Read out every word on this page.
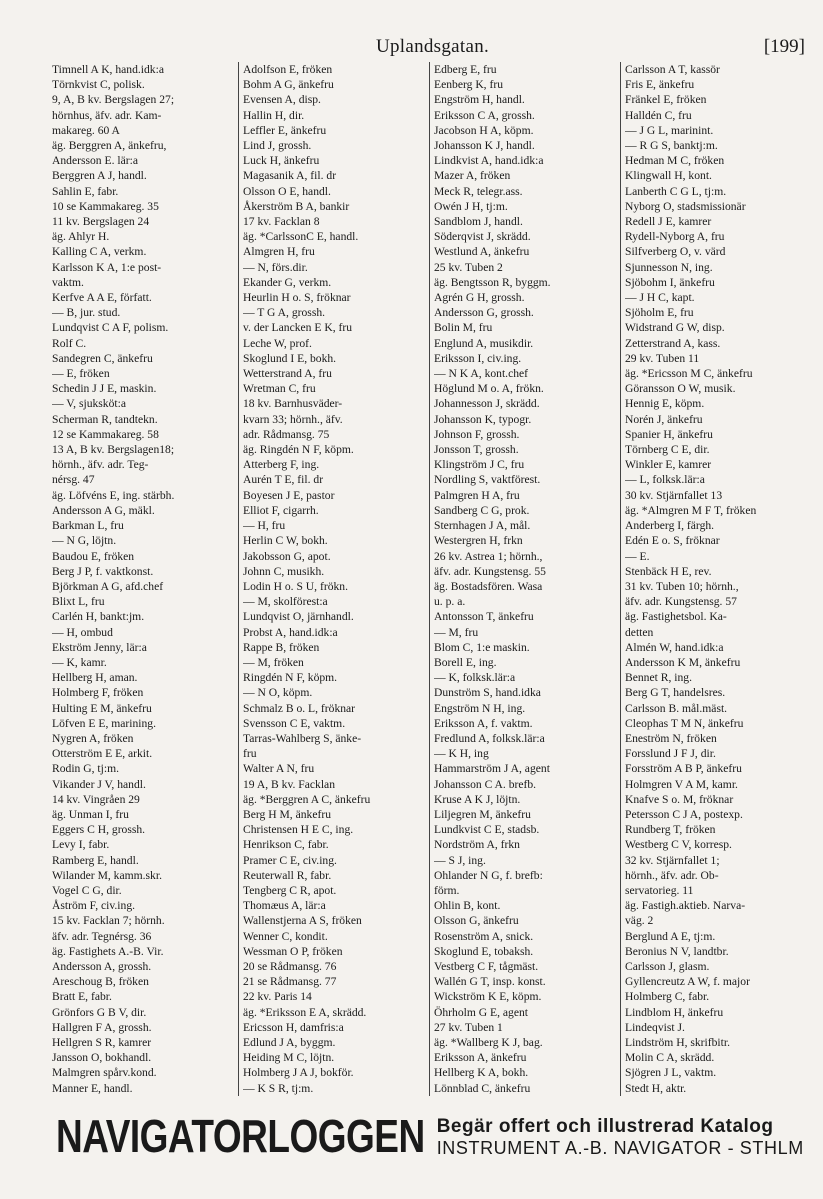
Uplandsgatan.	[199]
Timnell A K, hand.idk:a
Törnkvist C, polisk.
9, A, B kv. Bergslagen 27;
hörnhus, äfv. adr. Kam-
makareg. 60 A
äg. Berggren A, änkefru,
Andersson E. lär:a
Berggren A J, handl.
Sahlin E, fabr.
10 se Kammakareg. 35
11 kv. Bergslagen 24
äg. Ahlyr H.
Kalling C A, verkm.
Karlsson K A, 1:e post-
vaktm.
Kerfve A A E, författ.
— B, jur. stud.
Lundqvist C A F, polism.
Rolf C.
Sandegren C, änkefru
— E, fröken
Schedin J J E, maskin.
— V, sjuksköt:a
Scherman R, tandtekn.
12 se Kammakareg. 58
13 A, B kv. Bergslagen18;
hörnh., äfv. adr. Teg-
nérsg. 47
äg. Löfvéns E, ing. stärbh.
Andersson A G, mäkl.
Barkman L, fru
— N G, löjtn.
Baudou E, fröken
Berg J P, f. vaktkonst.
Björkman A G, afd.chef
Blixt L, fru
Carlén H, bankt:jm.
— H, ombud
Ekström Jenny, lär:a
— K, kamr.
Hellberg H, aman.
Holmberg F, fröken
Hulting E M, änkefru
Löfven E E, marining.
Nygren A, fröken
Otterström E E, arkit.
Rodin G, tj:m.
Vikander J V, handl.
14 kv. Vingråen 29
äg. Unman I, fru
Eggers C H, grossh.
Levy I, fabr.
Ramberg E, handl.
Wilander M, kamm.skr.
Vogel C G, dir.
Åström F, civ.ing.
15 kv. Facklan 7; hörnh.
äfv. adr. Tegnérsg. 36
äg. Fastighets A.-B. Vir.
Andersson A, grossh.
Areschoug B, fröken
Bratt E, fabr.
Grönfors G B V, dir.
Hallgren F A, grossh.
Hellgren S R, kamrer
Jansson O, bokhandl.
Malmgren spårv.kond.
Manner E, handl.
Adolfson E, fröken
Bohm A G, änkefru
Evensen A, disp.
Hallin H, dir.
Leffler E, änkefru
Lind J, grossh.
Luck H, änkefru
Magasanik A, fil. dr
Olsson O E, handl.
Åkerström B A, bankir
17 kv. Facklan 8
äg. *CarlssonC E, handl.
Almgren H, fru
— N, förs.dir.
Ekander G, verkm.
Heurlin H o. S, fröknar
— T G A, grossh.
v. der Lancken E K, fru
Leche W, prof.
Skoglund I E, bokh.
Wetterstrand A, fru
Wretman C, fru
18 kv. Barnhusväder-
kvarn 33; hörnh., äfv.
adr. Rådmansg. 75
äg. Ringdén N F, köpm.
Atterberg F, ing.
Aurén T E, fil. dr
Boyesen J E, pastor
Elliot F, cigarrh.
— H, fru
Herlin C W, bokh.
Jakobsson G, apot.
Johnn C, musikh.
Lodin H o. S U, frökn.
— M, skolförest:a
Lundqvist O, järnhandl.
Probst A, hand.idk:a
Rappe B, fröken
— M, fröken
Ringdén N F, köpm.
— N O, köpm.
Schmalz B o. L, fröknar
Svensson C E, vaktm.
Tarras-Wahlberg S, änke-
fru
Walter A N, fru
19 A, B kv. Facklan
äg. *Berggren A C, änkefru
Berg H M, änkefru
Christensen H E C, ing.
Henrikson C, fabr.
Pramer C E, civ.ing.
Reuterwall R, fabr.
Tengberg C R, apot.
Thomæus A, lär:a
Wallenstjerna A S, fröken
Wenner C, kondit.
Wessman O P, fröken
20 se Rådmansg. 76
21 se Rådmansg. 77
22 kv. Paris 14
äg. *Eriksson E A, skrädd.
Ericsson H, damfris:a
Edlund J A, byggm.
Heiding M C, löjtn.
Holmberg J A J, bokför.
— K S R, tj:m.
Edberg E, fru
Eenberg K, fru
Engström H, handl.
Eriksson C A, grossh.
Jacobson H A, köpm.
Johansson K J, handl.
Lindkvist A, hand.idk:a
Mazer A, fröken
Meck R, telegr.ass.
Owén J H, tj:m.
Sandblom J, handl.
Söderqvist J, skrädd.
Westlund A, änkefru
25 kv. Tuben 2
äg. Bengtsson R, byggm.
Agrén G H, grossh.
Andersson G, grossh.
Bolin M, fru
Englund A, musikdir.
Eriksson I, civ.ing.
— N K A, kont.chef
Höglund M o. A, frökn.
Johannesson J, skrädd.
Johansson K, typogr.
Johnson F, grossh.
Jonsson T, grossh.
Klingström J C, fru
Nordling S, vaktförest.
Palmgren H A, fru
Sandberg C G, prok.
Sternhagen J A, mål.
Westergren H, frkn
26 kv. Astrea 1; hörnh.,
äfv. adr. Kungstensg. 55
äg. Bostadsfören. Wasa
u. p. a.
Antonsson T, änkefru
— M, fru
Blom C, 1:e maskin.
Borell E, ing.
— K, folksk.lär:a
Dunström S, hand.idka
Engström N H, ing.
Eriksson A, f. vaktm.
Fredlund A, folksk.lär:a
— K H, ing
Hammarström J A, agent
Johansson C A. brefb.
Kruse A K J, löjtn.
Liljegren M, änkefru
Lundkvist C E, stadsb.
Nordström A, frkn
— S J, ing.
Ohlander N G, f. brefb:
förm.
Ohlin B, kont.
Olsson G, änkefru
Rosenström A, snick.
Skoglund E, tobaksh.
Vestberg C F, tågmäst.
Wallén G T, insp. konst.
Wickström K E, köpm.
Öhrholm G E, agent
27 kv. Tuben 1
äg. *Wallberg K J, bag.
Eriksson A, änkefru
Hellberg K A, bokh.
Lönnblad C, änkefru
Carlsson A T, kassör
Fris E, änkefru
Fränkel E, fröken
Halldén C, fru
— J G L, marinint.
— R G S, banktj:m.
Hedman M C, fröken
Klingwall H, kont.
Lanberth C G L, tj:m.
Nyborg O, stadsmissionär
Redell J E, kamrer
Rydell-Nyborg A, fru
Silfverberg O, v. värd
Sjunnesson N, ing.
Sjöbohm I, änkefru
— J H C, kapt.
Sjöholm E, fru
Widstrand G W, disp.
Zetterstrand A, kass.
29 kv. Tuben 11
äg. *Ericsson M C, änkefru
Göransson O W, musik.
Hennig E, köpm.
Norén J, änkefru
Spanier H, änkefru
Törnberg C E, dir.
Winkler E, kamrer
— L, folksk.lär:a
30 kv. Stjärnfallet 13
äg. *Almgren M F T, fröken
Anderberg I, färgh.
Edén E o. S, fröknar
— E.
Stenbäck H E, rev.
31 kv. Tuben 10; hörnh.,
äfv. adr. Kungstensg. 57
äg. Fastighetsbol. Ka-
detten
Almén W, hand.idk:a
Andersson K M, änkefru
Bennet R, ing.
Berg G T, handelsres.
Carlsson B. mål.mäst.
Cleophas T M N, änkefru
Eneström N, fröken
Forsslund J F J, dir.
Forsström A B P, änkefru
Holmgren V A M, kamr.
Knafve S o. M, fröknar
Petersson C J A, postexp.
Rundberg T, fröken
Westberg C V, korresp.
32 kv. Stjärnfallet 1;
hörnh., äfv. adr. Ob-
servatorieg. 11
äg. Fastigh.aktieb. Narva-
väg. 2
Berglund A E, tj:m.
Beronius N V, landtbr.
Carlsson J, glasm.
Gyllencreutz A W, f. major
Holmberg C, fabr.
Lindblom H, änkefru
Lindeqvist J.
Lindström H, skrifbitr.
Molin C A, skrädd.
Sjögren J L, vaktm.
Stedt H, aktr.
NAVIGATORLOGGEN Begär offert och illustrerad Katalog
INSTRUMENT A.-B. NAVIGATOR - STHLM
